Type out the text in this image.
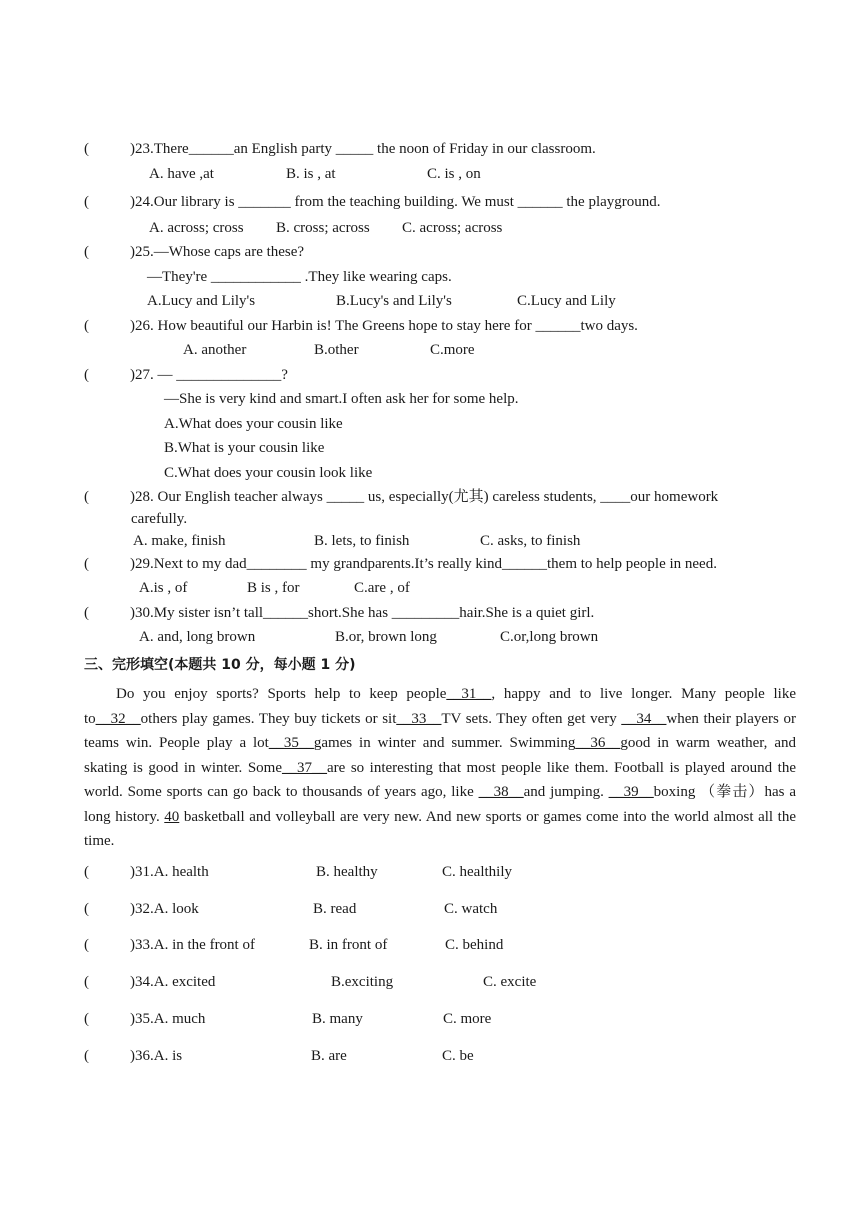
(	)23.There______an English party _____ the noon of Friday in our classroom.
A. have ,at	B. is , at	C. is , on
(	)24.Our library is _______ from the teaching building. We must ______ the playground.
A. across; cross B. cross; across C. across; across
(	)25.—Whose caps are these?
—They're ____________ .They like wearing caps.
A.Lucy and Lily's	B.Lucy's and Lily's	C.Lucy and Lily
(	)26. How beautiful our Harbin is! The Greens hope to stay here for ______two days.
A. another	B.other	C.more
(	)27. — ______________?
—She is very kind and smart.I often ask her for some help.
A.What does your cousin like
B.What is your cousin like
C.What does your cousin look like
(	)28. Our English teacher always _____ us, especially(尤其) careless students, ____our homework
carefully.
A. make, finish	B. lets, to finish	C. asks, to finish
(	)29.Next to my dad________ my grandparents.It’s really kind______them to help people in need.
A.is , of	B is , for	C.are , of
(	)30.My sister isn’t tall______short.She has _________hair.She is a quiet girl.
A. and, long brown	B.or, brown long	C.or,long brown
三、完形填空(本题共 10 分，每小题 1 分)
Do you enjoy sports? Sports help to keep people__31__, happy and to live longer. Many people like to__32__others play games. They buy tickets or sit__33__TV sets. They often get very __34__when their players or teams win. People play a lot__35__games in winter and summer. Swimming__36__good in warm weather, and skating is good in winter. Some__37__are so interesting that most people like them. Football is played around the world. Some sports can go back to thousands of years ago, like __38__and jumping. __39__boxing （拳击）has a long history. 40 basketball and volleyball are very new. And new sports or games come into the world almost all the time.
(	)31.A. health	B. healthy	C. healthily
(	)32.A. look	B. read	C. watch
(	)33.A. in the front of	B. in front of	C. behind
(	)34.A. excited	B.exciting	C. excite
(	)35.A. much	B. many	C. more
(	)36.A. is	B. are	C. be
